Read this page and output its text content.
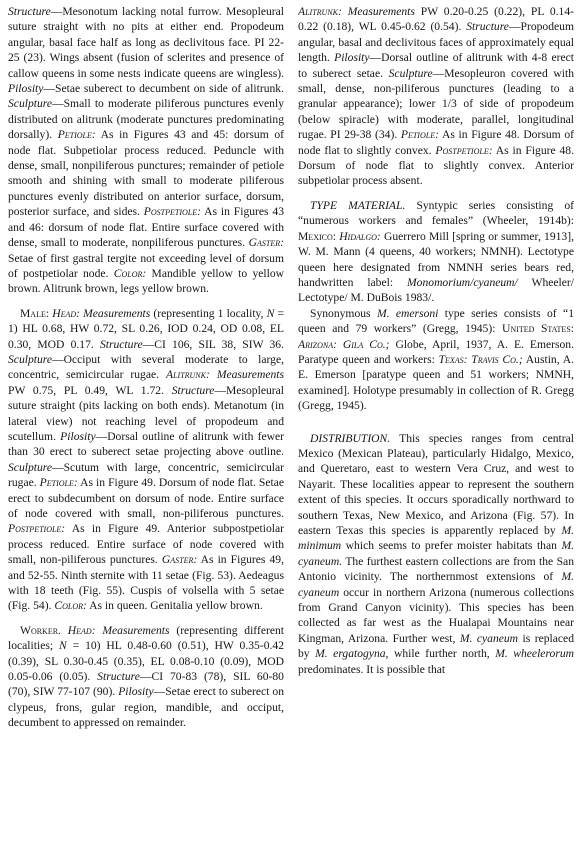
Structure—Mesonotum lacking notal furrow. Mesopleural suture straight with no pits at either end. Propodeum angular, basal face half as long as declivitous face. PI 22-25 (23). Wings absent (fusion of sclerites and presence of callow queens in some nests indicate queens are wingless). Pilosity—Setae suberect to decumbent on side of alitrunk. Sculpture—Small to moderate piliferous punctures evenly distributed on alitrunk (moderate punctures predominating dorsally). Petiole: As in Figures 43 and 45: dorsum of node flat. Subpetiolar process reduced. Peduncle with dense, small, nonpiliferous punctures; remainder of petiole smooth and shining with small to moderate piliferous punctures evenly distributed on anterior surface, dorsum, posterior surface, and sides. Postpetiole: As in Figures 43 and 46: dorsum of node flat. Entire surface covered with dense, small to moderate, nonpiliferous punctures. Gaster: Setae of first gastral tergite not exceeding level of dorsum of postpetiolar node. Color: Mandible yellow to yellow brown. Alitrunk brown, legs yellow brown.

Male: Head: Measurements (representing 1 locality, N = 1) HL 0.68, HW 0.72, SL 0.26, IOD 0.24, OD 0.08, EL 0.30, MOD 0.17. Structure—CI 106, SIL 38, SIW 36. Sculpture—Occiput with several moderate to large, concentric, semicircular rugae. Alitrunk: Measurements PW 0.75, PL 0.49, WL 1.72. Structure—Mesopleural suture straight (pits lacking on both ends). Metanotum (in lateral view) not reaching level of propodeum and scutellum. Pilosity—Dorsal outline of alitrunk with fewer than 30 erect to suberect setae projecting above outline. Sculpture—Scutum with large, concentric, semicircular rugae. Petiole: As in Figure 49. Dorsum of node flat. Setae erect to subdecumbent on dorsum of node. Entire surface of node covered with small, non-piliferous punctures. Postpetiole: As in Figure 49. Anterior subpostpetiolar process reduced. Entire surface of node covered with small, non-piliferous punctures. Gaster: As in Figures 49, and 52-55. Ninth sternite with 11 setae (Fig. 53). Aedeagus with 18 teeth (Fig. 55). Cuspis of volsella with 5 setae (Fig. 54). Color: As in queen. Genitalia yellow brown.

Worker. Head: Measurements (representing different localities; N = 10) HL 0.48-0.60 (0.51), HW 0.35-0.42 (0.39), SL 0.30-0.45 (0.35), EL 0.08-0.10 (0.09), MOD 0.05-0.06 (0.05). Structure—CI 70-83 (78), SIL 60-80 (70), SIW 77-107 (90). Pilosity—Setae erect to suberect on clypeus, frons, gular region, mandible, and occiput, decumbent to appressed on remainder.

Alitrunk: Measurements PW 0.20-0.25 (0.22), PL 0.14-0.22 (0.18), WL 0.45-0.62 (0.54). Structure—Propodeum angular, basal and declivitous faces of approximately equal length. Pilosity—Dorsal outline of alitrunk with 4-8 erect to suberect setae. Sculpture—Mesopleuron covered with small, dense, non-piliferous punctures (leading to a granular appearance); lower 1/3 of side of propodeum (below spiracle) with moderate, parallel, longitudinal rugae. PI 29-38 (34). Petiole: As in Figure 48. Dorsum of node flat to slightly convex. Postpetiole: As in Figure 48. Dorsum of node flat to slightly convex. Anterior subpetiolar process absent.

TYPE MATERIAL. Syntypic series consisting of “numerous workers and females” (Wheeler, 1914b): Mexico: Hidalgo: Guerrero Mill [spring or summer, 1913], W. M. Mann (4 queens, 40 workers; NMNH). Lectotype queen here designated from NMNH series bears red, handwritten label: Monomorium/cyaneum/ Wheeler/ Lectotype/ M. DuBois 1983/.

Synonymous M. emersoni type series consists of “1 queen and 79 workers” (Gregg, 1945): United States: Arizona: Gila Co.; Globe, April, 1937, A. E. Emerson. Paratype queen and workers: Texas: Travis Co.; Austin, A. E. Emerson [paratype queen and 51 workers; NMNH, examined]. Holotype presumably in collection of R. Gregg (Gregg, 1945).

DISTRIBUTION. This species ranges from central Mexico (Mexican Plateau), particularly Hidalgo, Mexico, and Queretaro, east to western Vera Cruz, and west to Nayarit. These localities appear to represent the southern extent of this species. It occurs sporadically northward to southern Texas, New Mexico, and Arizona (Fig. 57). In eastern Texas this species is apparently replaced by M. minimum which seems to prefer moister habitats than M. cyaneum. The furthest eastern collections are from the San Antonio vicinity. The northernmost extensions of M. cyaneum occur in northern Arizona (numerous collections from Grand Canyon vicinity). This species has been collected as far west as the Hualapai Mountains near Kingman, Arizona. Further west, M. cyaneum is replaced by M. ergatogyna, while further north, M. wheelerorum predominates. It is possible that
